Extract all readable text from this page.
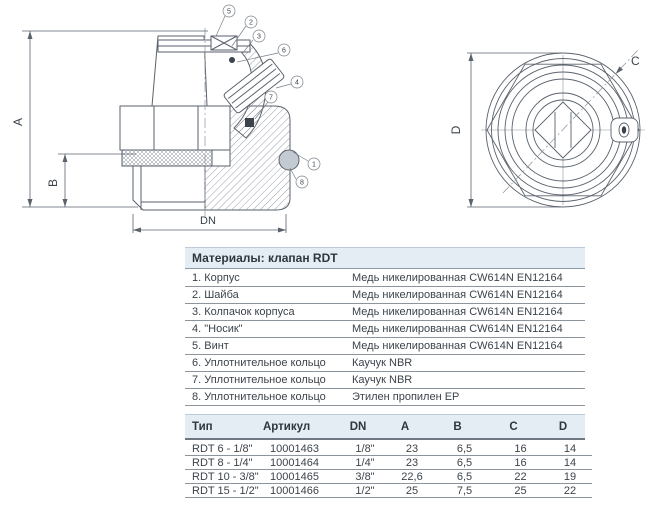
A
B
DN
5
2
3
6
4
7
1
8
C
D
Материалы: клапан RDT
1. Корпус	Медь никелированная CW614N EN12164
2. Шайба	Медь никелированная CW614N EN12164
3. Колпачок корпуса	Медь никелированная CW614N EN12164
4. "Носик"	Медь никелированная CW614N EN12164
5. Винт	Медь никелированная CW614N EN12164
6. Уплотнительное кольцо	Каучук NBR
7. Уплотнительное кольцо	Каучук NBR
8. Уплотнительное кольцо	Этилен пропилен EP
Тип	Артикул	DN	A	B	C	D
RDT 6 - 1/8"	10001463	1/8"	23	6,5	16	14
RDT 8 - 1/4"	10001464	1/4"	23	6,5	16	14
RDT 10 - 3/8"	10001465	3/8"	22,6	6,5	22	19
RDT 15 - 1/2"	10001466	1/2"	25	7,5	25	22
